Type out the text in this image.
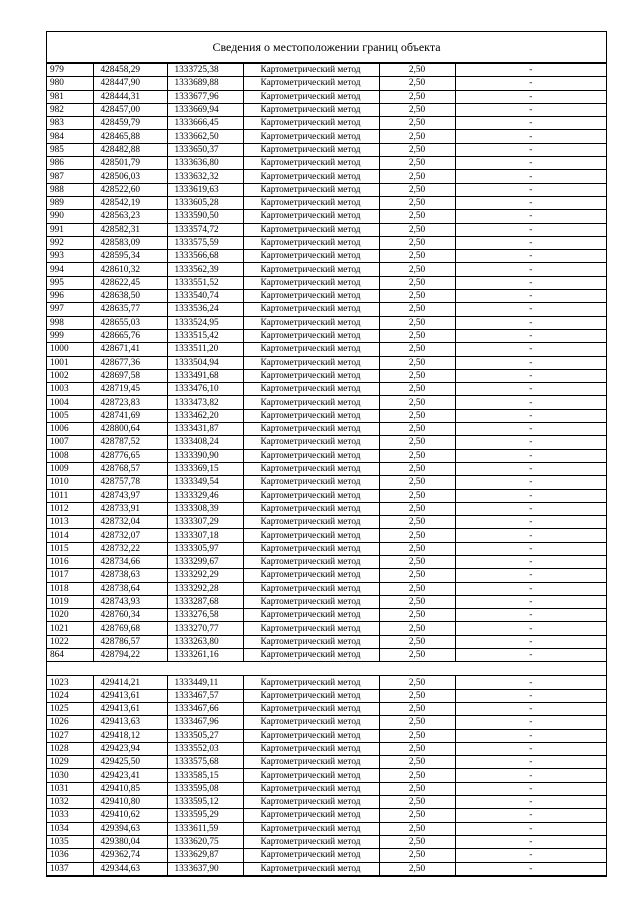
Сведения о местоположении границ объекта
979	428458,29	1333725,38	Картометрический метод	2,50	-
980	428447,90	1333689,88	Картометрический метод	2,50	-
981	428444,31	1333677,96	Картометрический метод	2,50	-
982	428457,00	1333669,94	Картометрический метод	2,50	-
983	428459,79	1333666,45	Картометрический метод	2,50	-
984	428465,88	1333662,50	Картометрический метод	2,50	-
985	428482,88	1333650,37	Картометрический метод	2,50	-
986	428501,79	1333636,80	Картометрический метод	2,50	-
987	428506,03	1333632,32	Картометрический метод	2,50	-
988	428522,60	1333619,63	Картометрический метод	2,50	-
989	428542,19	1333605,28	Картометрический метод	2,50	-
990	428563,23	1333590,50	Картометрический метод	2,50	-
991	428582,31	1333574,72	Картометрический метод	2,50	-
992	428583,09	1333575,59	Картометрический метод	2,50	-
993	428595,34	1333566,68	Картометрический метод	2,50	-
994	428610,32	1333562,39	Картометрический метод	2,50	-
995	428622,45	1333551,52	Картометрический метод	2,50	-
996	428638,50	1333540,74	Картометрический метод	2,50	-
997	428635,77	1333536,24	Картометрический метод	2,50	-
998	428655,03	1333524,95	Картометрический метод	2,50	-
999	428665,76	1333515,42	Картометрический метод	2,50	-
1000	428671,41	1333511,20	Картометрический метод	2,50	-
1001	428677,36	1333504,94	Картометрический метод	2,50	-
1002	428697,58	1333491,68	Картометрический метод	2,50	-
1003	428719,45	1333476,10	Картометрический метод	2,50	-
1004	428723,83	1333473,82	Картометрический метод	2,50	-
1005	428741,69	1333462,20	Картометрический метод	2,50	-
1006	428800,64	1333431,87	Картометрический метод	2,50	-
1007	428787,52	1333408,24	Картометрический метод	2,50	-
1008	428776,65	1333390,90	Картометрический метод	2,50	-
1009	428768,57	1333369,15	Картометрический метод	2,50	-
1010	428757,78	1333349,54	Картометрический метод	2,50	-
1011	428743,97	1333329,46	Картометрический метод	2,50	-
1012	428733,91	1333308,39	Картометрический метод	2,50	-
1013	428732,04	1333307,29	Картометрический метод	2,50	-
1014	428732,07	1333307,18	Картометрический метод	2,50	-
1015	428732,22	1333305,97	Картометрический метод	2,50	-
1016	428734,66	1333299,67	Картометрический метод	2,50	-
1017	428738,63	1333292,29	Картометрический метод	2,50	-
1018	428738,64	1333292,28	Картометрический метод	2,50	-
1019	428743,93	1333287,68	Картометрический метод	2,50	-
1020	428760,34	1333276,58	Картометрический метод	2,50	-
1021	428769,68	1333270,77	Картометрический метод	2,50	-
1022	428786,57	1333263,80	Картометрический метод	2,50	-
864	428794,22	1333261,16	Картометрический метод	2,50	-

1023	429414,21	1333449,11	Картометрический метод	2,50	-
1024	429413,61	1333467,57	Картометрический метод	2,50	-
1025	429413,61	1333467,66	Картометрический метод	2,50	-
1026	429413,63	1333467,96	Картометрический метод	2,50	-
1027	429418,12	1333505,27	Картометрический метод	2,50	-
1028	429423,94	1333552,03	Картометрический метод	2,50	-
1029	429425,50	1333575,68	Картометрический метод	2,50	-
1030	429423,41	1333585,15	Картометрический метод	2,50	-
1031	429410,85	1333595,08	Картометрический метод	2,50	-
1032	429410,80	1333595,12	Картометрический метод	2,50	-
1033	429410,62	1333595,29	Картометрический метод	2,50	-
1034	429394,63	1333611,59	Картометрический метод	2,50	-
1035	429380,04	1333620,75	Картометрический метод	2,50	-
1036	429362,74	1333629,87	Картометрический метод	2,50	-
1037	429344,63	1333637,90	Картометрический метод	2,50	-
